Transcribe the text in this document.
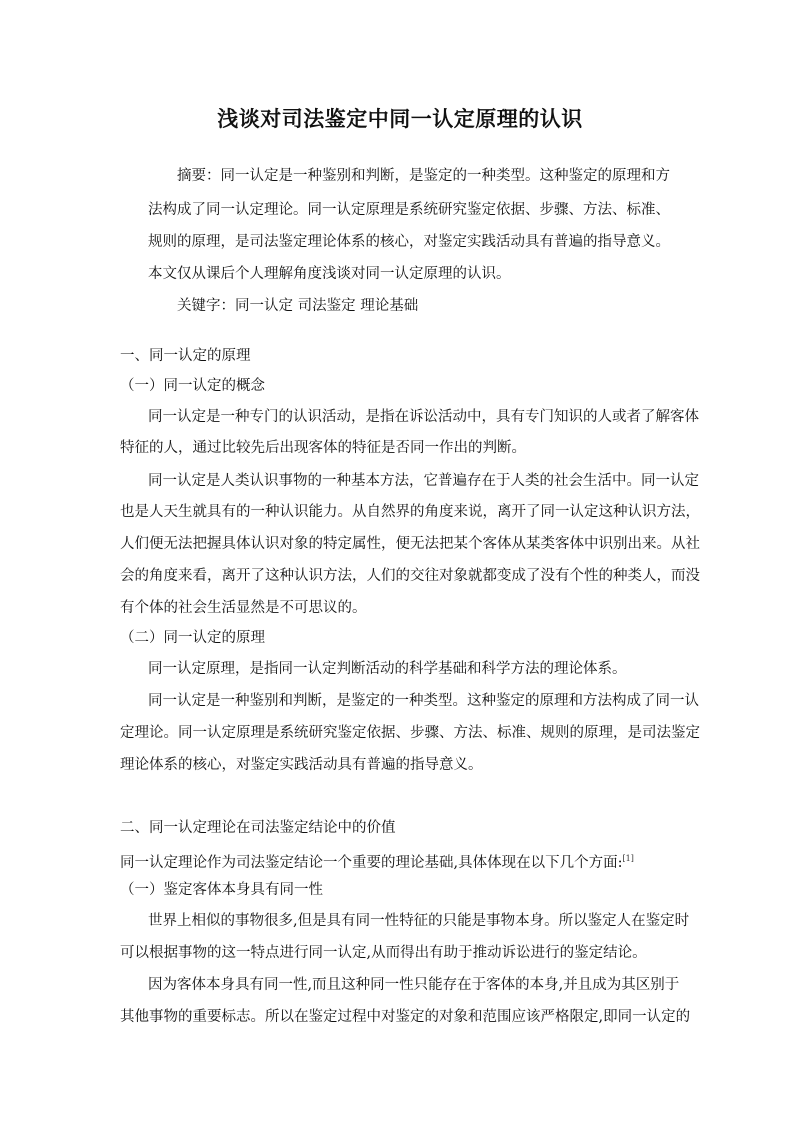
浅谈对司法鉴定中同一认定原理的认识
摘要：同一认定是一种鉴别和判断，是鉴定的一种类型。这种鉴定的原理和方
法构成了同一认定理论。同一认定原理是系统研究鉴定依据、步骤、方法、标准、
规则的原理，是司法鉴定理论体系的核心，对鉴定实践活动具有普遍的指导意义。
本文仅从课后个人理解角度浅谈对同一认定原理的认识。
关键字：同一认定 司法鉴定 理论基础
一、同一认定的原理
（一）同一认定的概念
同一认定是一种专门的认识活动，是指在诉讼活动中，具有专门知识的人或者了解客体
特征的人，通过比较先后出现客体的特征是否同一作出的判断。
同一认定是人类认识事物的一种基本方法，它普遍存在于人类的社会生活中。同一认定
也是人天生就具有的一种认识能力。从自然界的角度来说，离开了同一认定这种认识方法，
人们便无法把握具体认识对象的特定属性，便无法把某个客体从某类客体中识别出来。从社
会的角度来看，离开了这种认识方法，人们的交往对象就都变成了没有个性的种类人，而没
有个体的社会生活显然是不可思议的。
（二）同一认定的原理
同一认定原理，是指同一认定判断活动的科学基础和科学方法的理论体系。
同一认定是一种鉴别和判断，是鉴定的一种类型。这种鉴定的原理和方法构成了同一认
定理论。同一认定原理是系统研究鉴定依据、步骤、方法、标准、规则的原理，是司法鉴定
理论体系的核心，对鉴定实践活动具有普遍的指导意义。
二、同一认定理论在司法鉴定结论中的价值
同一认定理论作为司法鉴定结论一个重要的理论基础,具体体现在以下几个方面:[1]
（一）鉴定客体本身具有同一性
世界上相似的事物很多,但是具有同一性特征的只能是事物本身。所以鉴定人在鉴定时
可以根据事物的这一特点进行同一认定,从而得出有助于推动诉讼进行的鉴定结论。
因为客体本身具有同一性,而且这种同一性只能存在于客体的本身,并且成为其区别于
其他事物的重要标志。所以在鉴定过程中对鉴定的对象和范围应该严格限定,即同一认定的
